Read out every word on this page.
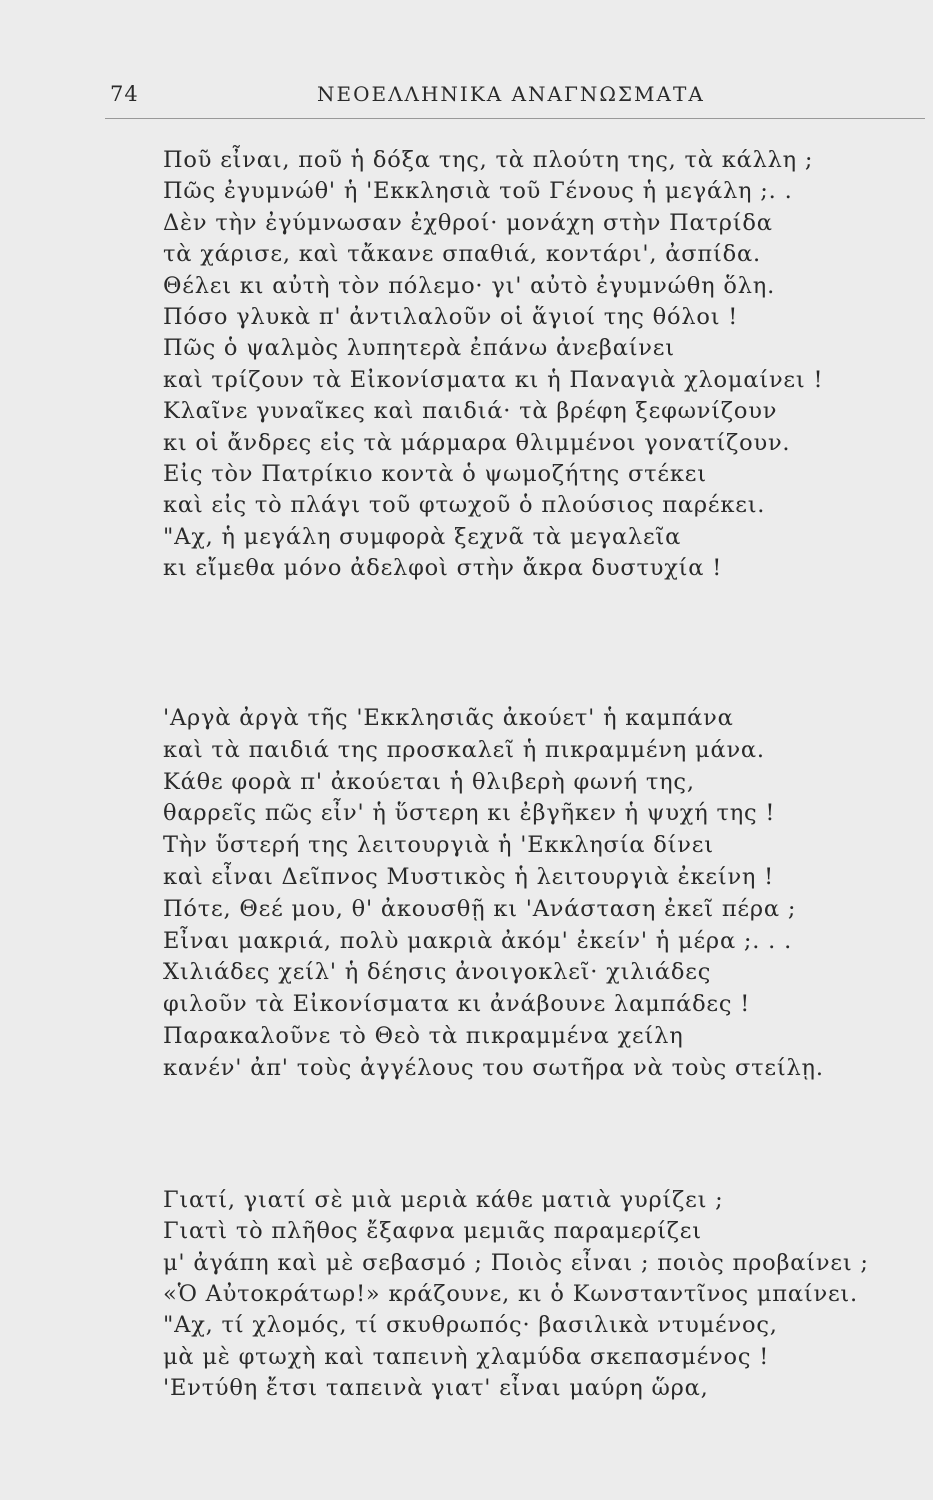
74	ΝΕΟΕΛΛΗΝΙΚΑ ΑΝΑΓΝΩΣΜΑΤΑ
Ποῦ εἶναι, ποῦ ἡ δόξα της, τὰ πλούτη της, τὰ κάλλη ;
Πῶς ἐγυμνώθ' ἡ 'Εκκλησιὰ τοῦ Γένους ἡ μεγάλη ;. .
Δὲν τὴν ἐγύμνωσαν ἐχθροί· μονάχη στὴν Πατρίδα
τὰ χάρισε, καὶ τἄκανε σπαθιά, κοντάρι', ἀσπίδα.
Θέλει κι αὐτὴ τὸν πόλεμο· γι' αὐτὸ ἐγυμνώθη ὅλη.
Πόσο γλυκὰ π' ἀντιλαλοῦν οἱ ἅγιοί της θόλοι !
Πῶς ὁ ψαλμὸς λυπητερὰ ἐπάνω ἀνεβαίνει
καὶ τρίζουν τὰ Εἰκονίσματα κι ἡ Παναγιὰ χλομαίνει !
Κλαῖνε γυναῖκες καὶ παιδιά· τὰ βρέφη ξεφωνίζουν
κι οἱ ἄνδρες εἰς τὰ μάρμαρα θλιμμένοι γονατίζουν.
Εἰς τὸν Πατρίκιο κοντὰ ὁ ψωμοζήτης στέκει
καὶ εἰς τὸ πλάγι τοῦ φτωχοῦ ὁ πλούσιος παρέκει.
"Αχ, ἡ μεγάλη συμφορὰ ξεχνᾶ τὰ μεγαλεῖα
κι εἴμεθα μόνο ἀδελφοὶ στὴν ἄκρα δυστυχία !
'Αργὰ ἀργὰ τῆς 'Εκκλησιᾶς ἀκούετ' ἡ καμπάνα
καὶ τὰ παιδιά της προσκαλεῖ ἡ πικραμμένη μάνα.
Κάθε φορὰ π' ἀκούεται ἡ θλιβερὴ φωνή της,
θαρρεῖς πῶς εἶν' ἡ ὕστερη κι ἐβγῆκεν ἡ ψυχή της !
Τὴν ὕστερή της λειτουργιὰ ἡ 'Εκκλησία δίνει
καὶ εἶναι Δεῖπνος Μυστικὸς ἡ λειτουργιὰ ἐκείνη !
Πότε, Θεέ μου, θ' ἀκουσθῇ κι 'Ανάσταση ἐκεῖ πέρα ;
Εἶναι μακριά, πολὺ μακριὰ ἀκόμ' ἐκείν' ἡ μέρα ;. . .
Χιλιάδες χείλ' ἡ δέησις ἀνοιγοκλεῖ· χιλιάδες
φιλοῦν τὰ Εἰκονίσματα κι ἀνάβουνε λαμπάδες !
Παρακαλοῦνε τὸ Θεὸ τὰ πικραμμένα χείλη
κανέν' ἀπ' τοὺς ἀγγέλους του σωτῆρα νὰ τοὺς στείλῃ.
Γιατί, γιατί σὲ μιὰ μεριὰ κάθε ματιὰ γυρίζει ;
Γιατὶ τὸ πλῆθος ἔξαφνα μεμιᾶς παραμερίζει
μ' ἀγάπη καὶ μὲ σεβασμό ; Ποιὸς εἶναι ; ποιὸς προβαίνει ;
«Ὁ Αὐτοκράτωρ!» κράζουνε, κι ὁ Κωνσταντῖνος μπαίνει.
"Αχ, τί χλομός, τί σκυθρωπός· βασιλικὰ ντυμένος,
μὰ μὲ φτωχὴ καὶ ταπεινὴ χλαμύδα σκεπασμένος !
'Εντύθη ἔτσι ταπεινὰ γιατ' εἶναι μαύρη ὥρα,
